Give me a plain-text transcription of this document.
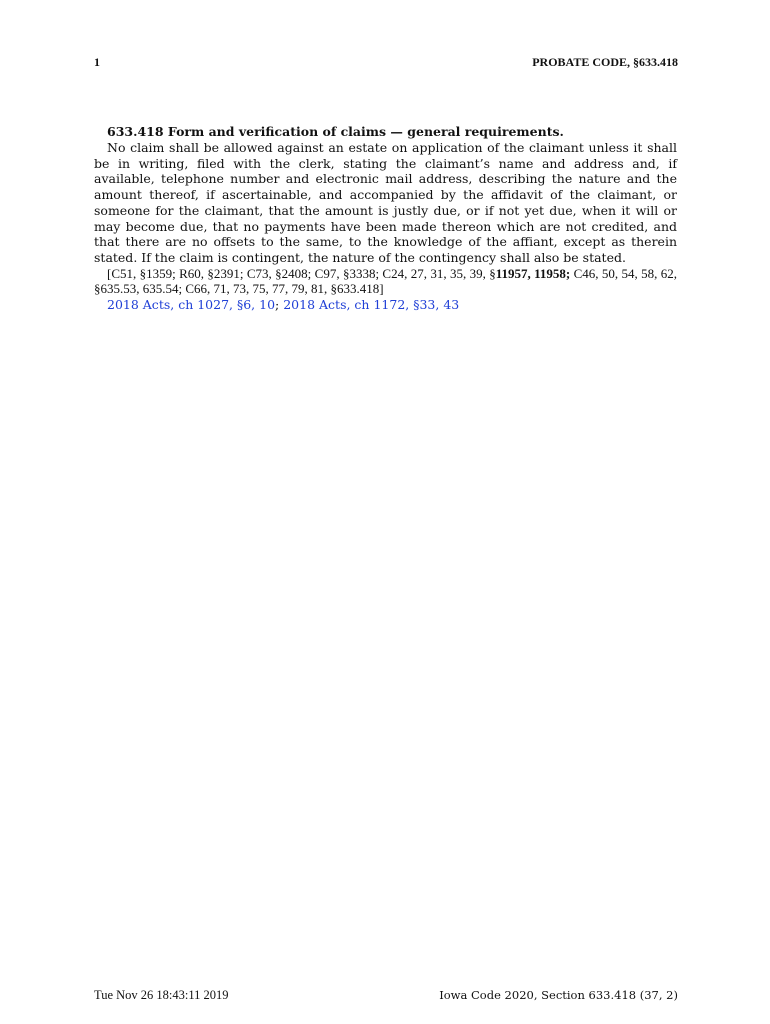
1	PROBATE CODE, §633.418

633.418 Form and verification of claims — general requirements.

No claim shall be allowed against an estate on application of the claimant unless it shall be in writing, filed with the clerk, stating the claimant’s name and address and, if available, telephone number and electronic mail address, describing the nature and the amount thereof, if ascertainable, and accompanied by the affidavit of the claimant, or someone for the claimant, that the amount is justly due, or if not yet due, when it will or may become due, that no payments have been made thereon which are not credited, and that there are no offsets to the same, to the knowledge of the affiant, except as therein stated. If the claim is contingent, the nature of the contingency shall also be stated.

[C51, §1359; R60, §2391; C73, §2408; C97, §3338; C24, 27, 31, 35, 39, §11957, 11958; C46, 50, 54, 58, 62, §635.53, 635.54; C66, 71, 73, 75, 77, 79, 81, §633.418]

2018 Acts, ch 1027, §6, 10; 2018 Acts, ch 1172, §33, 43

Tue Nov 26 18:43:11 2019	Iowa Code 2020, Section 633.418 (37, 2)
